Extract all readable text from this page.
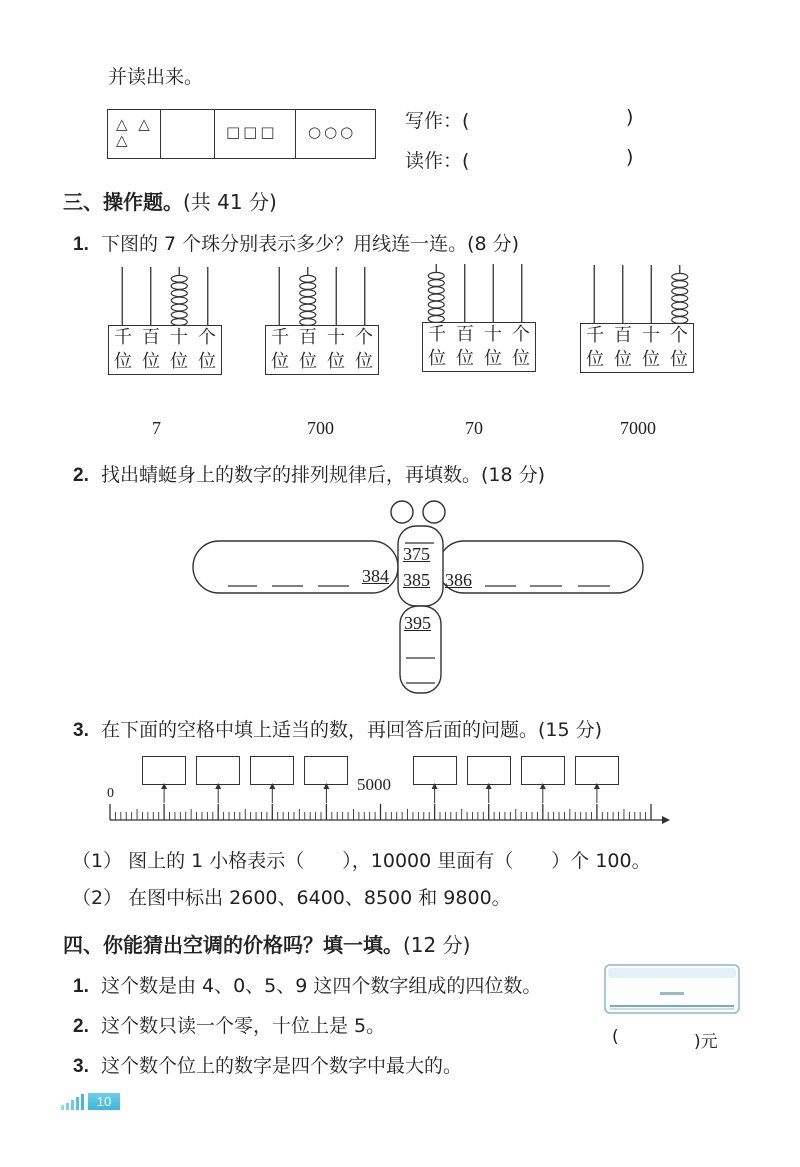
并读出来。
△ △ △	□□□ ○○○	写作：(	)
读作：(	)
三、操作题。(共 41 分)
1. 下图的 7 个珠分别表示多少？用线连一连。(8 分)
千 百 十 个
位 位 位 位
千 百 十 个
位 位 位 位
千 百 十 个
位 位 位 位
千 百 十 个
位 位 位 位
7	700	70	7000
2. 找出蜻蜓身上的数字的排列规律后，再填数。(18 分)
375
385
384	386
395
3. 在下面的空格中填上适当的数，再回答后面的问题。(15 分)
0	5000
（1） 图上的 1 小格表示（　　），10000 里面有（　　）个 100。
（2） 在图中标出 2600、6400、8500 和 9800。
四、你能猜出空调的价格吗？填一填。(12 分)
1. 这个数是由 4、0、5、9 这四个数字组成的四位数。
2. 这个数只读一个零，十位上是 5。
3. 这个数个位上的数字是四个数字中最大的。
(	)元
10
